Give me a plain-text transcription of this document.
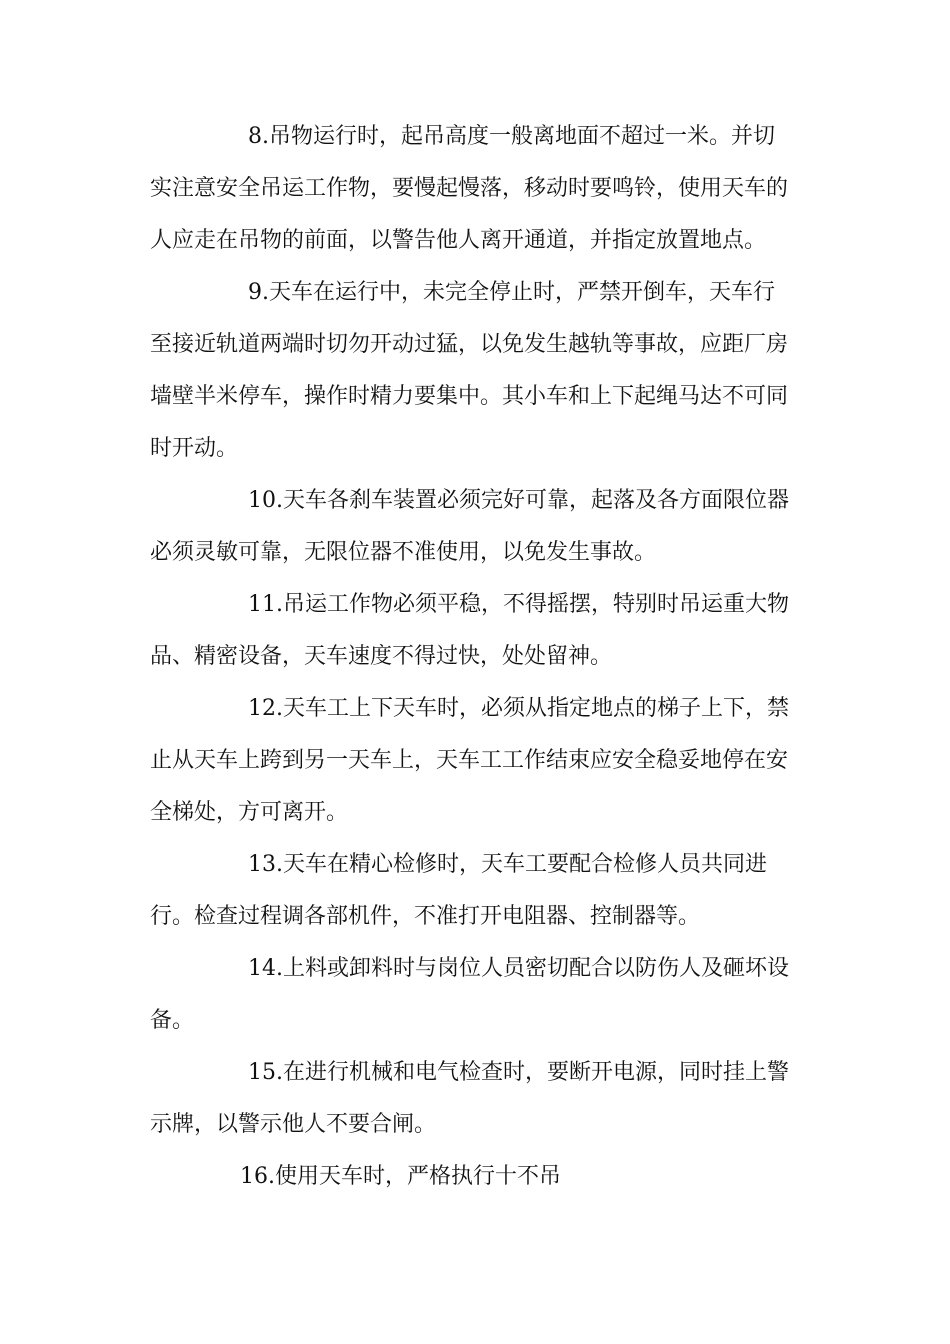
8.吊物运行时，起吊高度一般离地面不超过一米。并切
实注意安全吊运工作物，要慢起慢落，移动时要鸣铃，使用天车的
人应走在吊物的前面，以警告他人离开通道，并指定放置地点。
9.天车在运行中，未完全停止时，严禁开倒车，天车行
至接近轨道两端时切勿开动过猛，以免发生越轨等事故，应距厂房
墙壁半米停车，操作时精力要集中。其小车和上下起绳马达不可同
时开动。
10.天车各刹车装置必须完好可靠，起落及各方面限位器
必须灵敏可靠，无限位器不准使用，以免发生事故。
11.吊运工作物必须平稳，不得摇摆，特别时吊运重大物
品、精密设备，天车速度不得过快，处处留神。
12.天车工上下天车时，必须从指定地点的梯子上下，禁
止从天车上跨到另一天车上，天车工工作结束应安全稳妥地停在安
全梯处，方可离开。
13.天车在精心检修时，天车工要配合检修人员共同进
行。检查过程调各部机件，不准打开电阻器、控制器等。
14.上料或卸料时与岗位人员密切配合以防伤人及砸坏设
备。
15.在进行机械和电气检查时，要断开电源，同时挂上警
示牌，以警示他人不要合闸。
16.使用天车时，严格执行十不吊
